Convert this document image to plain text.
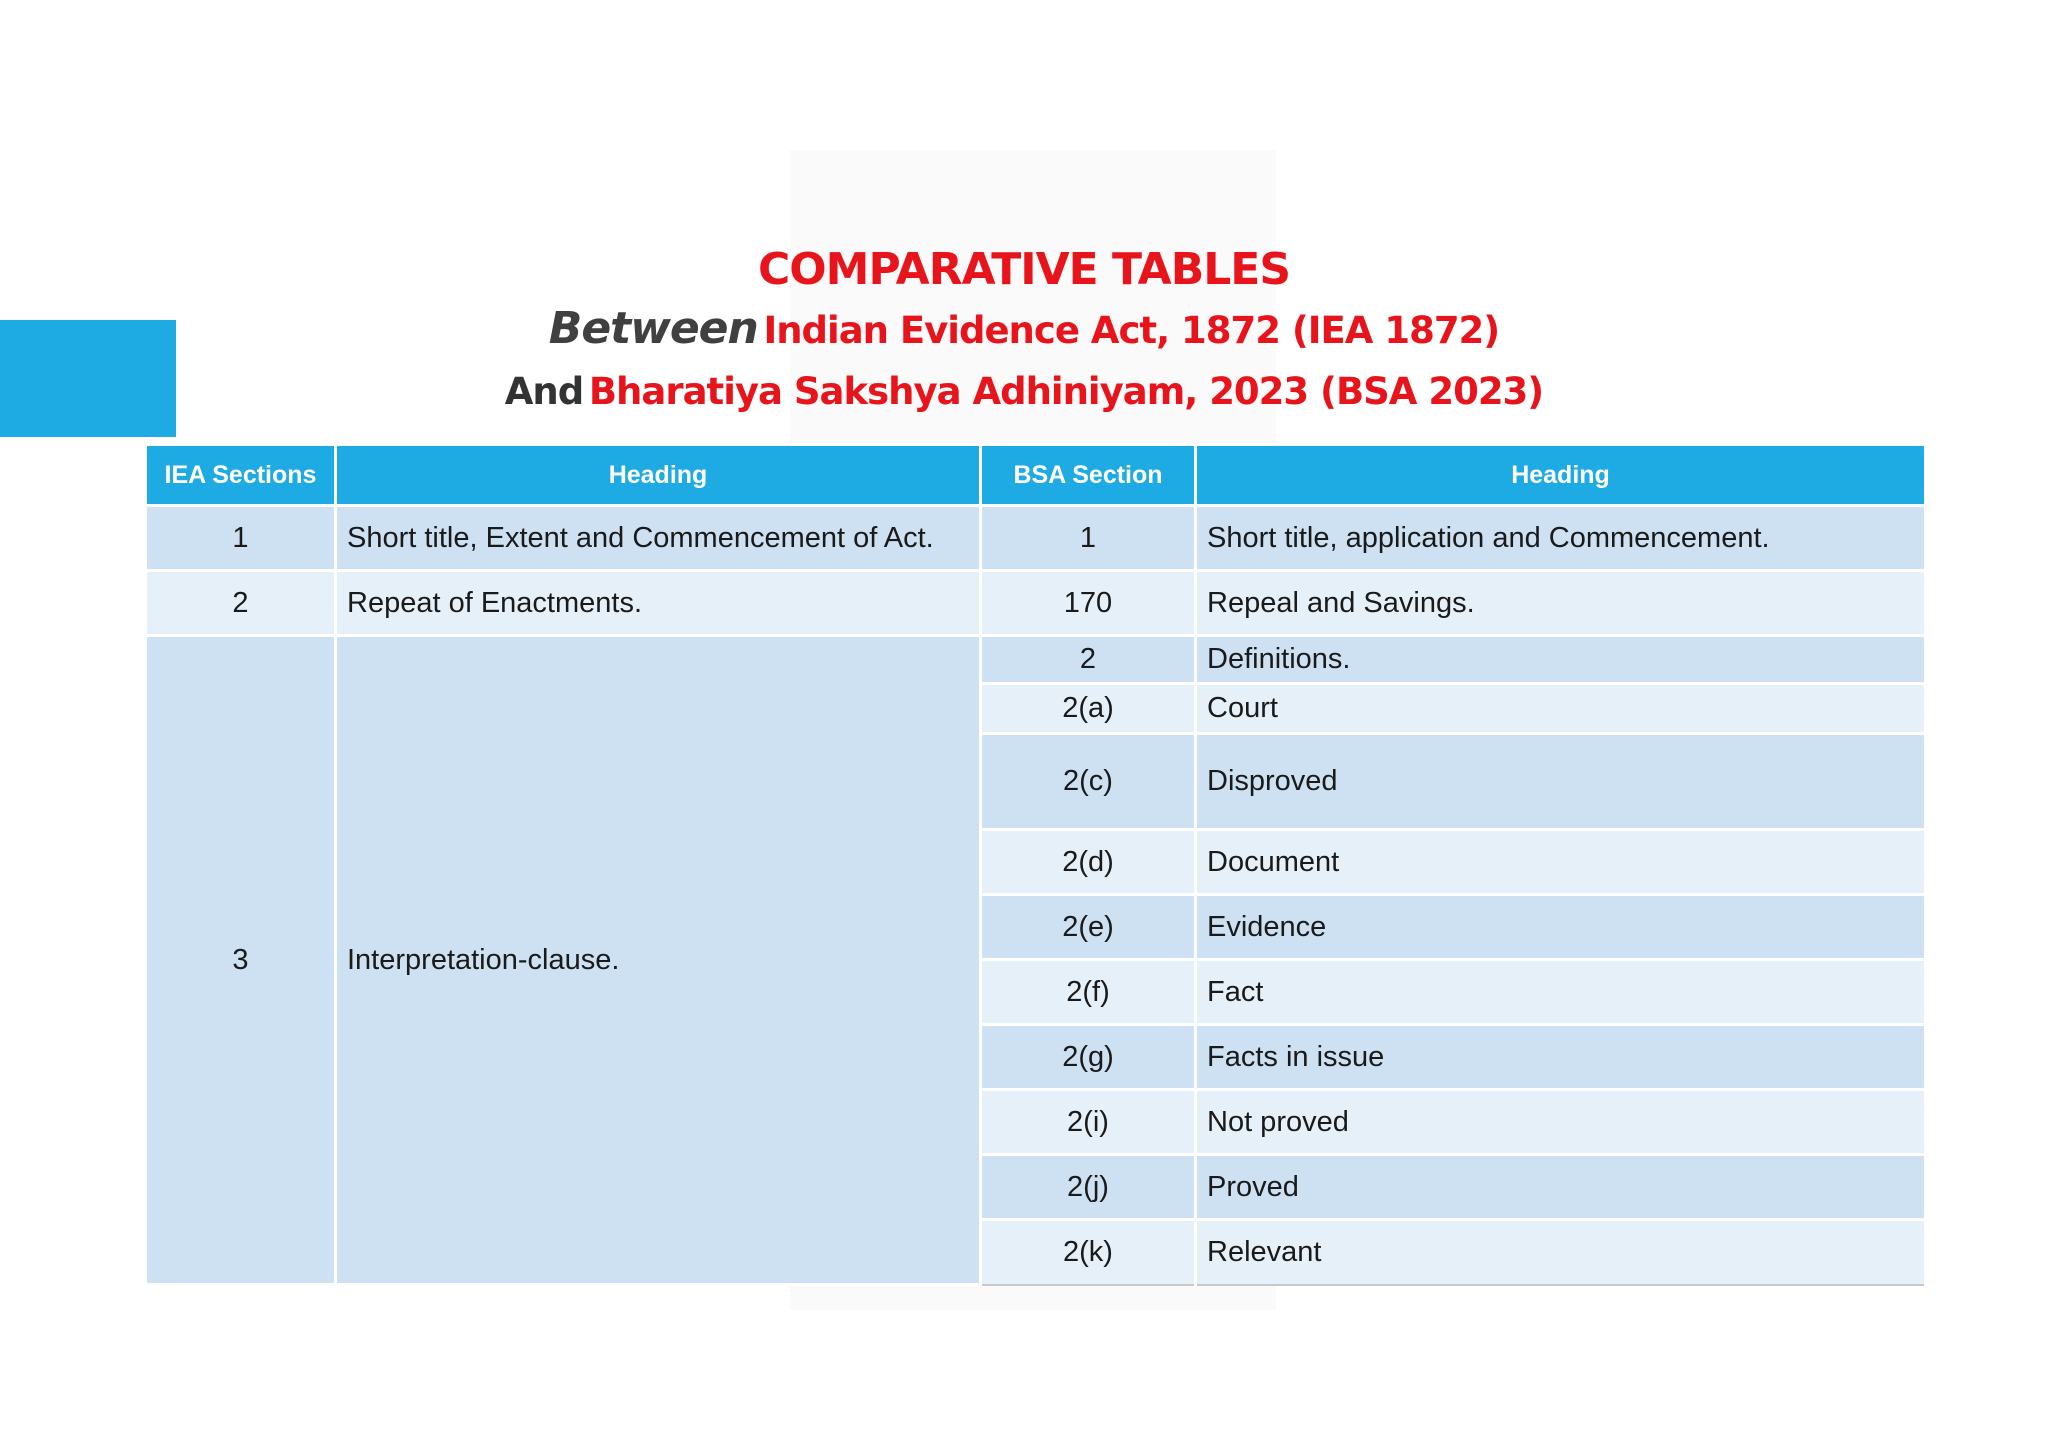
COMPARATIVE TABLES
Between Indian Evidence Act, 1872 (IEA 1872)
And Bharatiya Sakshya Adhiniyam, 2023 (BSA 2023)
IEA Sections	Heading	BSA Section	Heading
1	Short title, Extent and Commencement of Act.	1	Short title, application and Commencement.
2	Repeat of Enactments.	170	Repeal and Savings.
3	Interpretation-clause.	2	Definitions.
		2(a)	Court
		2(c)	Disproved
		2(d)	Document
		2(e)	Evidence
		2(f)	Fact
		2(g)	Facts in issue
		2(i)	Not proved
		2(j)	Proved
		2(k)	Relevant
